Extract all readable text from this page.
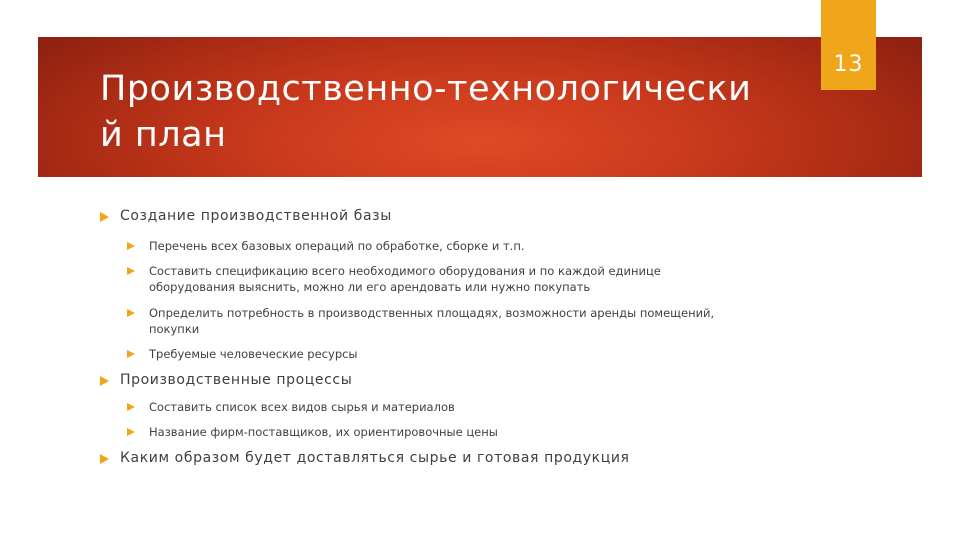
Производственно-технологически й план
13
Создание производственной базы
Перечень всех базовых операций по обработке, сборке и т.п.
Составить спецификацию всего необходимого оборудования и по каждой единице оборудования выяснить, можно ли его арендовать или нужно покупать
Определить потребность в производственных площадях, возможности аренды помещений, покупки
Требуемые человеческие ресурсы
Производственные процессы
Составить список всех видов сырья и материалов
Название фирм-поставщиков, их ориентировочные цены
Каким образом будет доставляться сырье и готовая продукция
